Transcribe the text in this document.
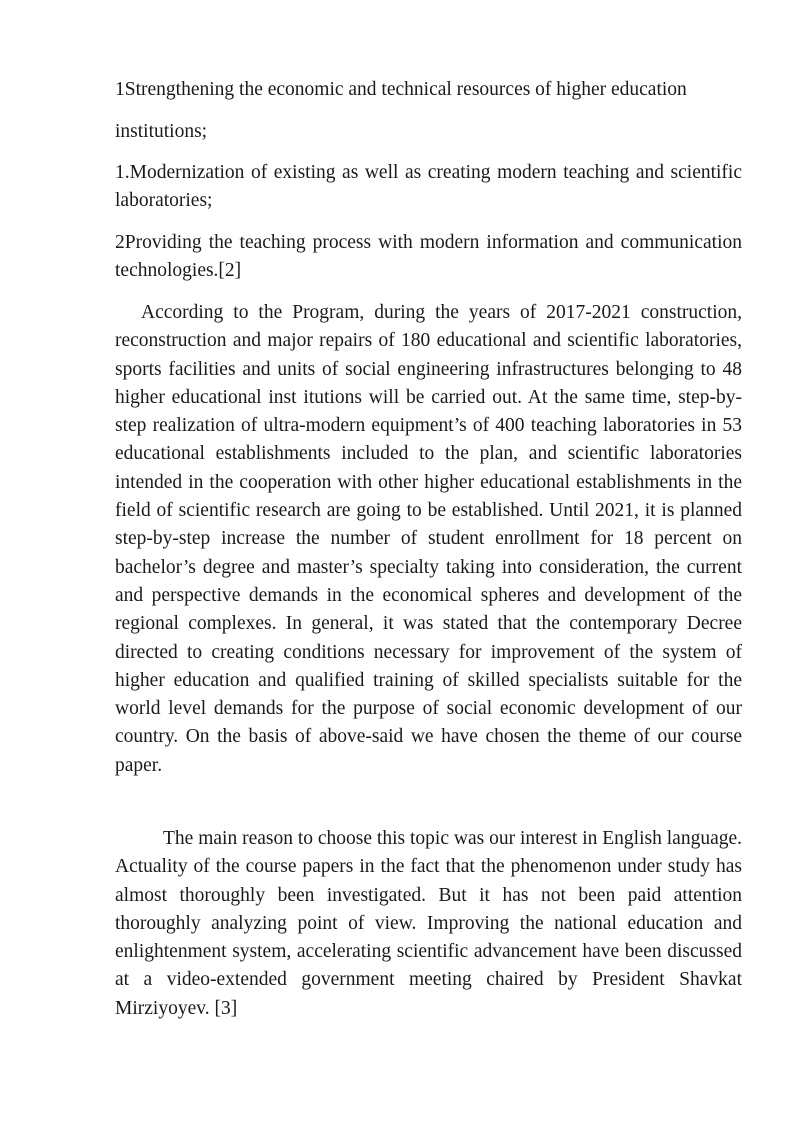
1Strengthening the economic and technical resources of higher education

institutions;

1.Modernization of existing as well as creating modern teaching and scientific laboratories;

2Providing the teaching process with modern information and communication technologies.[2]

According to the Program, during the years of 2017-2021 construction, reconstruction and major repairs of 180 educational and scientific laboratories, sports facilities and units of social engineering infrastructures belonging to 48 higher educational inst itutions will be carried out. At the same time, step-by-step realization of ultra-modern equipment’s of 400 teaching laboratories in 53 educational establishments included to the plan, and scientific laboratories intended in the cooperation with other higher educational establishments in the field of scientific research are going to be established. Until 2021, it is planned step-by-step increase the number of student enrollment for 18 percent on bachelor’s degree and master’s specialty taking into consideration, the current and perspective demands in the economical spheres and development of the regional complexes. In general, it was stated that the contemporary Decree directed to creating conditions necessary for improvement of the system of higher education and qualified training of skilled specialists suitable for the world level demands for the purpose of social economic development of our country. On the basis of above-said we have chosen the theme of our course paper.

The main reason to choose this topic was our interest in English language. Actuality of the course papers in the fact that the phenomenon under study has almost thoroughly been investigated. But it has not been paid attention thoroughly analyzing point of view. Improving the national education and enlightenment system, accelerating scientific advancement have been discussed at a video-extended government meeting chaired by President Shavkat Mirziyoyev. [3]
